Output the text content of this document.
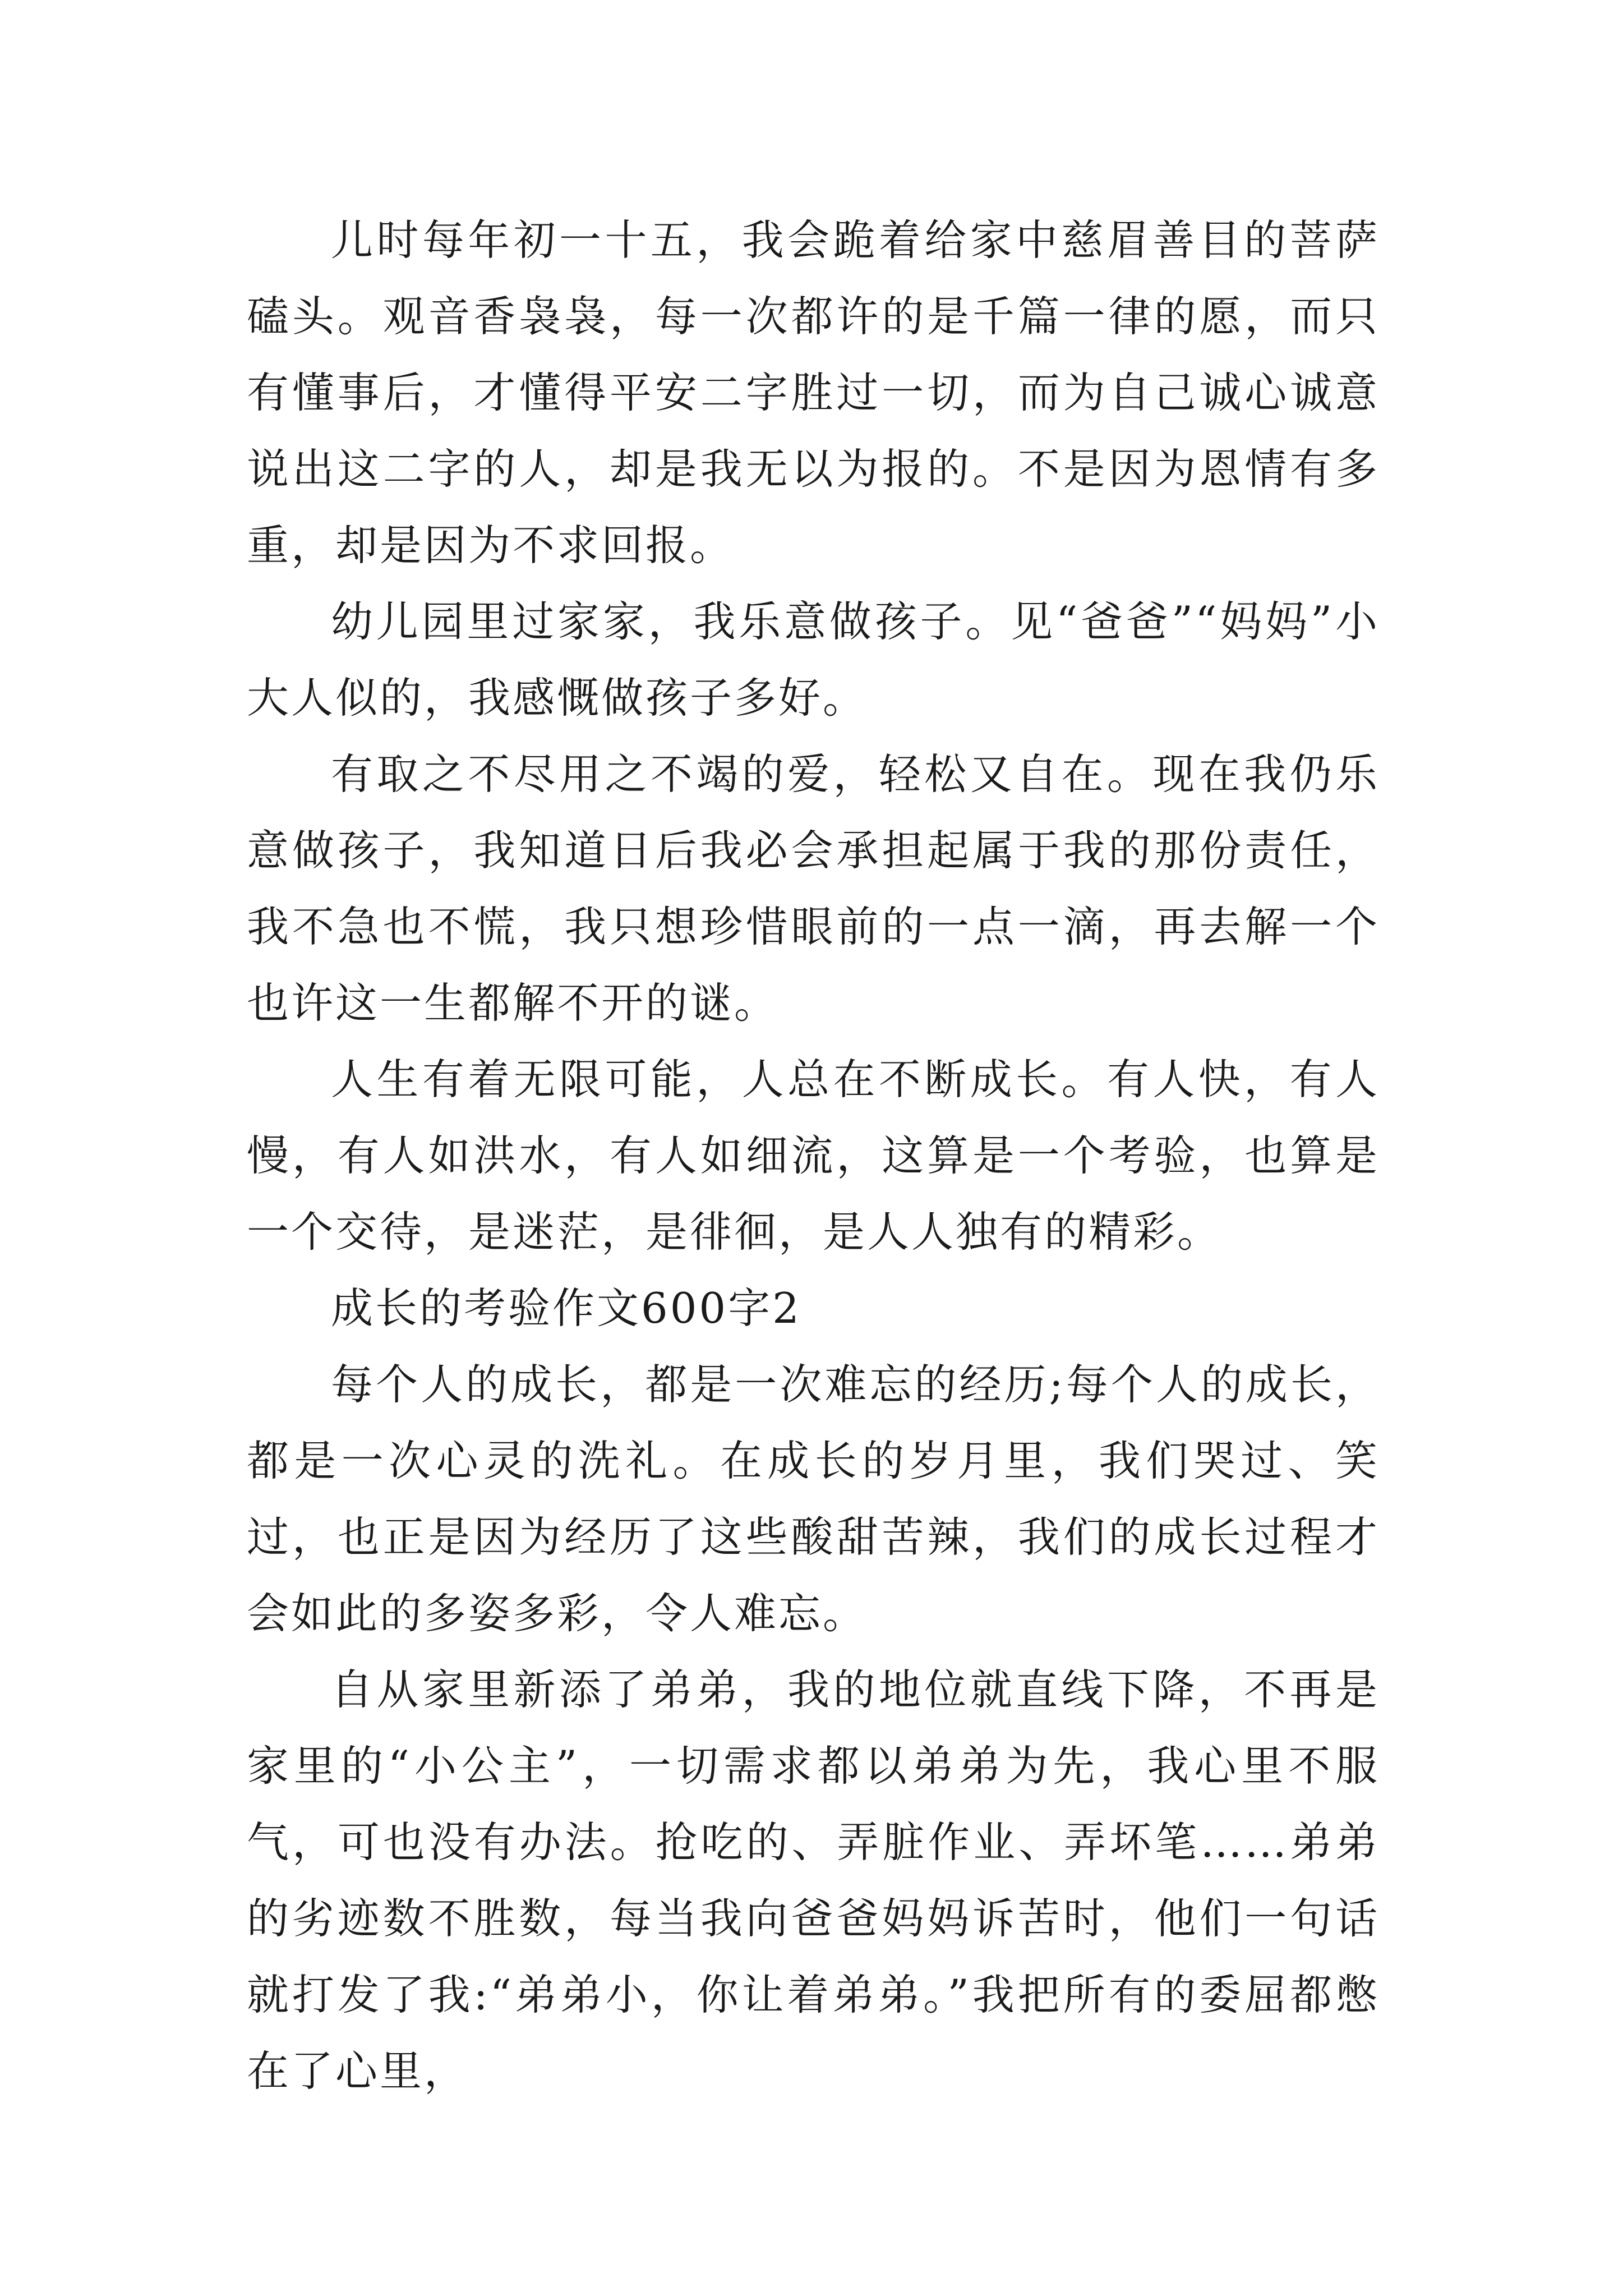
儿时每年初一十五，我会跪着给家中慈眉善目的菩萨磕头。观音香袅袅，每一次都许的是千篇一律的愿，而只有懂事后，才懂得平安二字胜过一切，而为自己诚心诚意说出这二字的人，却是我无以为报的。不是因为恩情有多重，却是因为不求回报。

幼儿园里过家家，我乐意做孩子。见“爸爸”“妈妈”小大人似的，我感慨做孩子多好。

有取之不尽用之不竭的爱，轻松又自在。现在我仍乐意做孩子，我知道日后我必会承担起属于我的那份责任，我不急也不慌，我只想珍惜眼前的一点一滴，再去解一个也许这一生都解不开的谜。

人生有着无限可能，人总在不断成长。有人快，有人慢，有人如洪水，有人如细流，这算是一个考验，也算是一个交待，是迷茫，是徘徊，是人人独有的精彩。

成长的考验作文600字2

每个人的成长，都是一次难忘的经历;每个人的成长，都是一次心灵的洗礼。在成长的岁月里，我们哭过、笑过，也正是因为经历了这些酸甜苦辣，我们的成长过程才会如此的多姿多彩，令人难忘。

自从家里新添了弟弟，我的地位就直线下降，不再是家里的“小公主”，一切需求都以弟弟为先，我心里不服气，可也没有办法。抢吃的、弄脏作业、弄坏笔……弟弟的劣迹数不胜数，每当我向爸爸妈妈诉苦时，他们一句话就打发了我:“弟弟小，你让着弟弟。”我把所有的委屈都憋在了心里，
